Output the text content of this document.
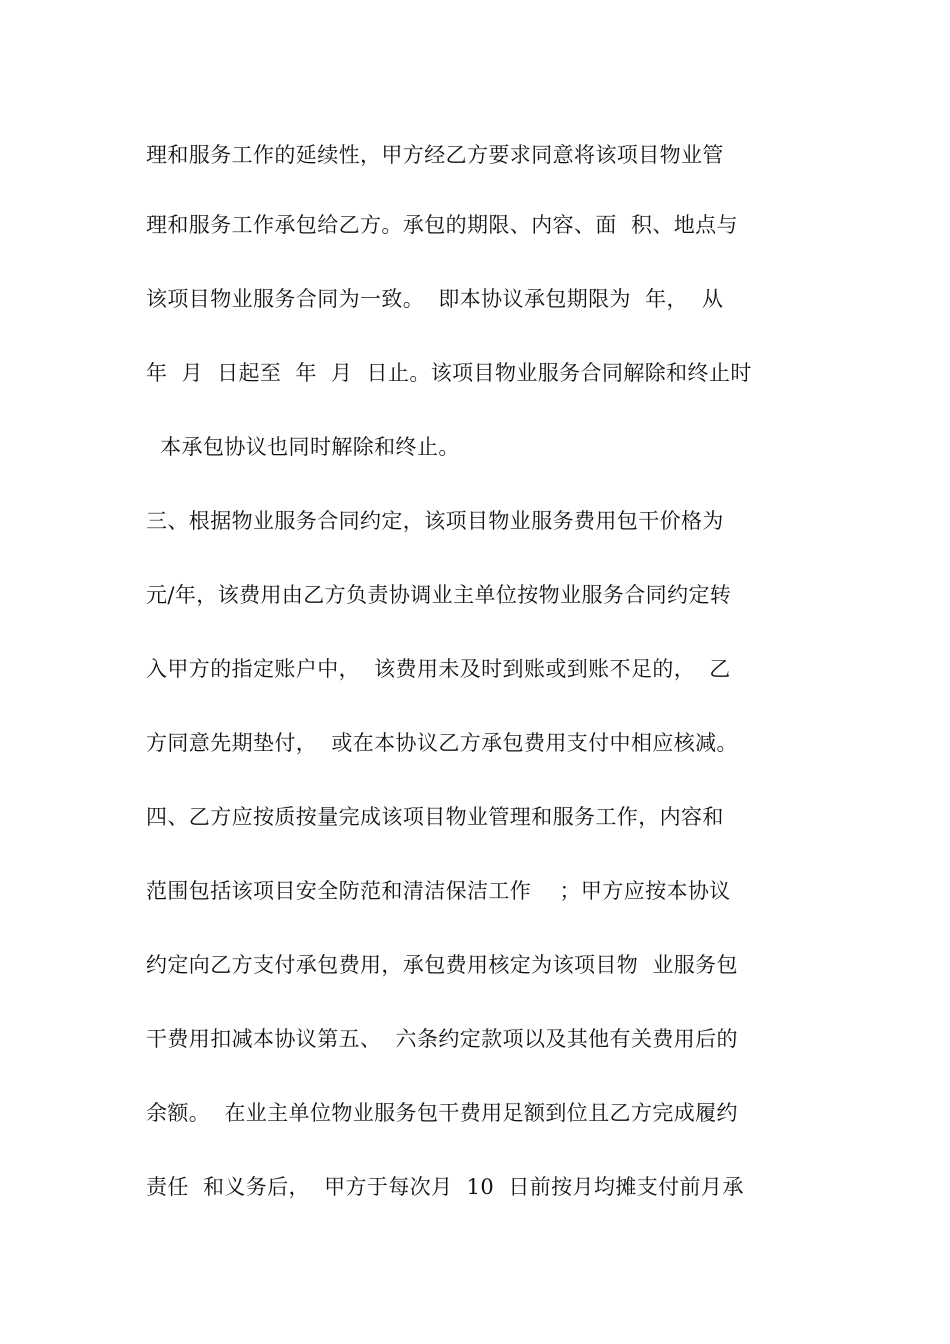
理和服务工作的延续性，甲方经乙方要求同意将该项目物业管
理和服务工作承包给乙方。承包的期限、内容、面  积、地点与
该项目物业服务合同为一致。  即本协议承包期限为  年，  从
年  月  日起至  年  月  日止。该项目物业服务合同解除和终止时
本承包协议也同时解除和终止。
三、根据物业服务合同约定，该项目物业服务费用包干价格为
元/年，该费用由乙方负责协调业主单位按物业服务合同约定转
入甲方的指定账户中，  该费用未及时到账或到账不足的，  乙
方同意先期垫付，  或在本协议乙方承包费用支付中相应核减。
四、乙方应按质按量完成该项目物业管理和服务工作，内容和
范围包括该项目安全防范和清洁保洁工作    ；甲方应按本协议
约定向乙方支付承包费用，承包费用核定为该项目物  业服务包
干费用扣减本协议第五、  六条约定款项以及其他有关费用后的
余额。  在业主单位物业服务包干费用足额到位且乙方完成履约
责任  和义务后，  甲方于每次月  10  日前按月均摊支付前月承
